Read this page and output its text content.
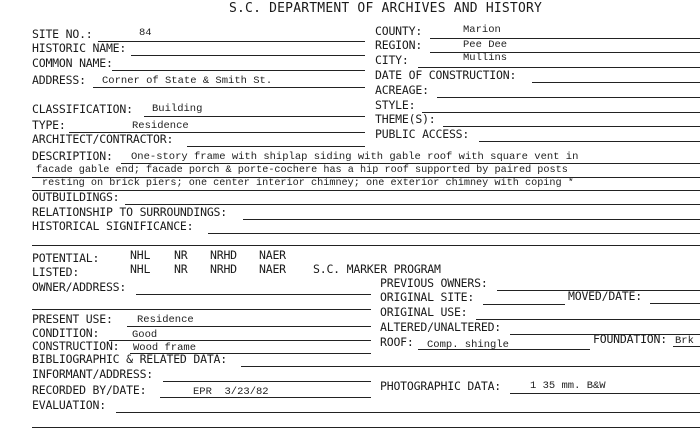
S.C. DEPARTMENT OF ARCHIVES AND HISTORY
SITE NO.:	84
HISTORIC NAME:
COMMON NAME:
ADDRESS: Corner of State & Smith St.
COUNTY:	Marion
REGION:	Pee Dee
CITY:	Mullins
DATE OF CONSTRUCTION:
ACREAGE:
CLASSIFICATION: Building
TYPE:	Residence
ARCHITECT/CONTRACTOR:
STYLE:
THEME(S):
PUBLIC ACCESS:
DESCRIPTION: One-story frame with shiplap siding with gable roof with square vent in
facade gable end; facade porch & porte-cochere has a hip roof supported by paired posts
resting on brick piers; one center interior chimney; one exterior chimney with coping *
OUTBUILDINGS:
RELATIONSHIP TO SURROUNDINGS:
HISTORICAL SIGNIFICANCE:
POTENTIAL:	NHL NR NRHD NAER
LISTED:	NHL NR NRHD NAER S.C. MARKER PROGRAM
OWNER/ADDRESS:	PREVIOUS OWNERS:
ORIGINAL SITE:	MOVED/DATE:
ORIGINAL USE:
PRESENT USE: Residence
CONDITION:	Good
CONSTRUCTION: Wood frame
ALTERED/UNALTERED:
ROOF: Comp. shingle	FOUNDATION: Brk
BIBLIOGRAPHIC & RELATED DATA:
INFORMANT/ADDRESS:
RECORDED BY/DATE:	EPR  3/23/82	PHOTOGRAPHIC DATA:	1 35 mm. B&W
EVALUATION:
